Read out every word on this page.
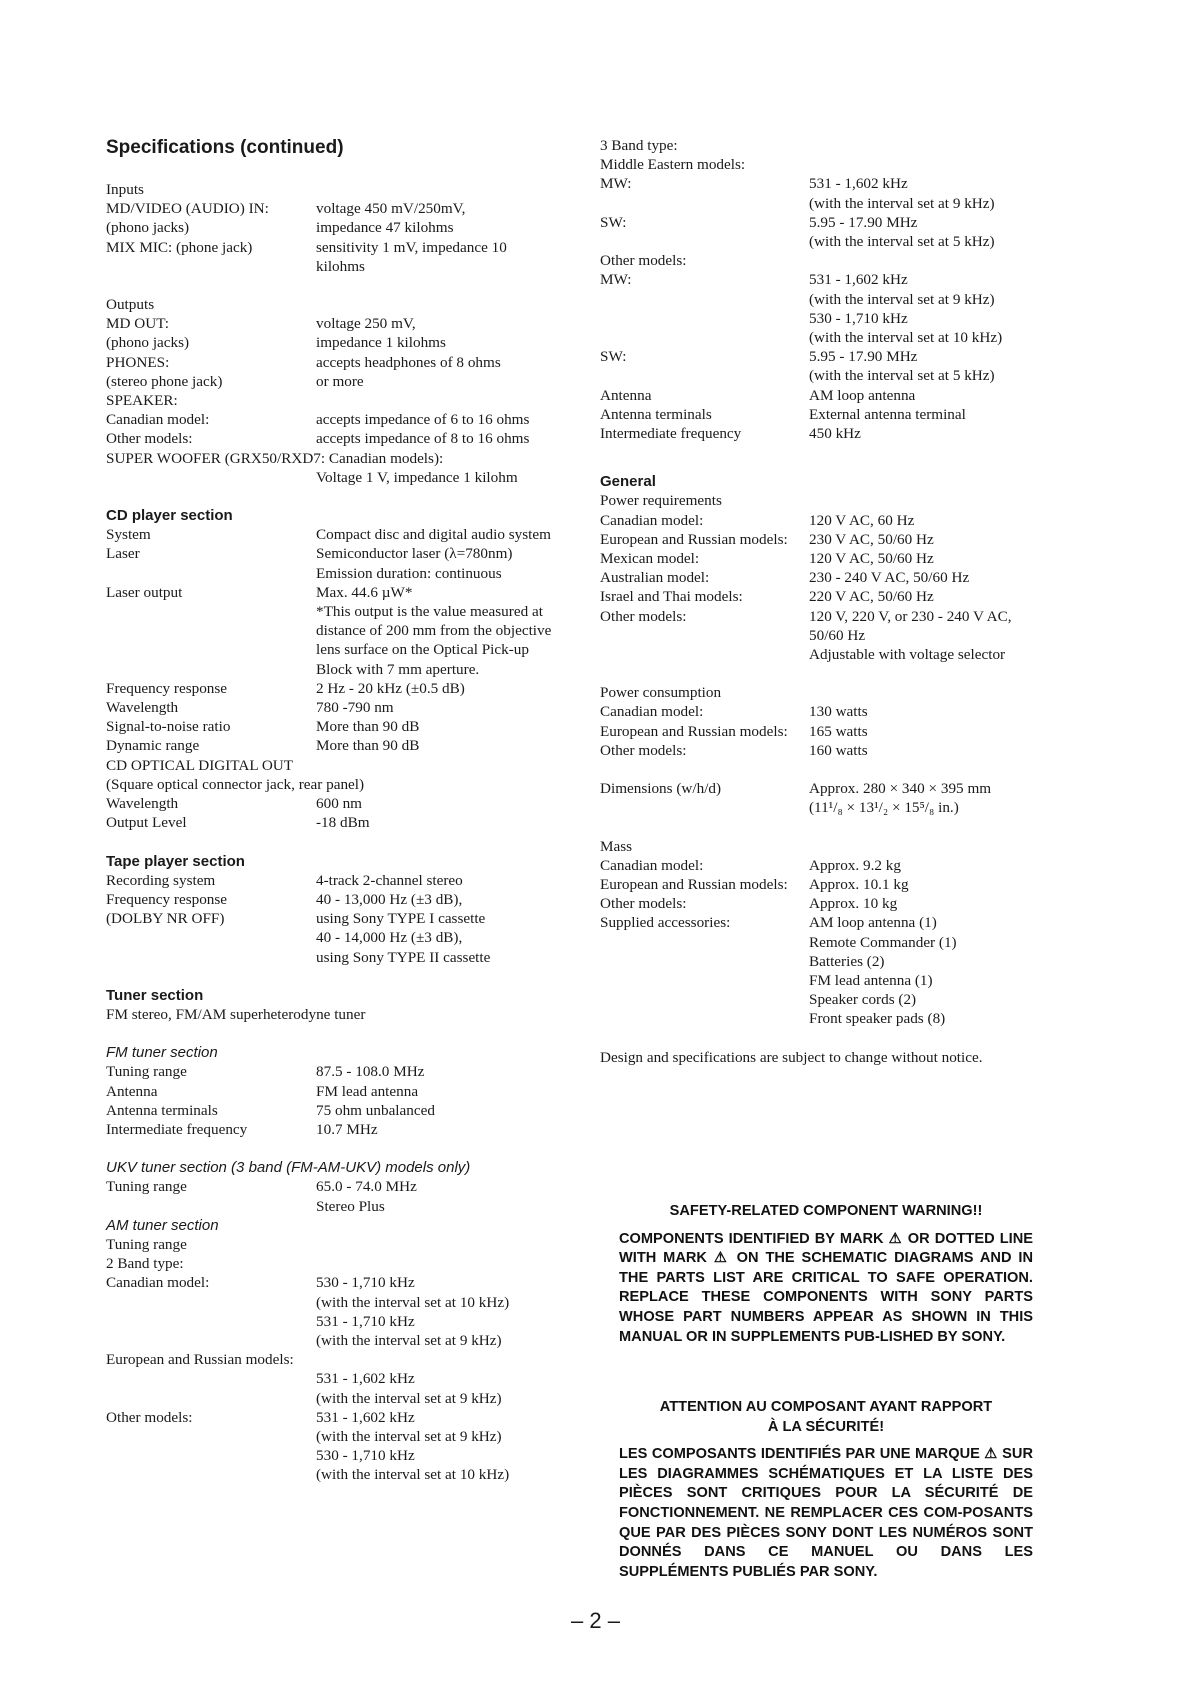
Specifications (continued)
Inputs
MD/VIDEO (AUDIO) IN:	voltage 450 mV/250mV,
(phono jacks)	impedance 47 kilohms
MIX MIC: (phone jack)	sensitivity 1 mV, impedance 10
kilohms
Outputs
MD OUT:	voltage 250 mV,
(phono jacks)	impedance 1 kilohms
PHONES:	accepts headphones of 8 ohms
(stereo phone jack)	or more
SPEAKER:
Canadian model:	accepts impedance of 6 to 16 ohms
Other models:	accepts impedance of 8 to 16 ohms
SUPER WOOFER (GRX50/RXD7: Canadian models):
Voltage 1 V, impedance 1 kilohm
CD player section
System	Compact disc and digital audio system
Laser	Semiconductor laser (λ=780nm)
Emission duration: continuous
Laser output	Max. 44.6 µW*
*This output is the value measured at
distance of 200 mm from the objective
lens surface on the Optical Pick-up
Block with 7 mm aperture.
Frequency response	2 Hz - 20 kHz (±0.5 dB)
Wavelength	780 -790 nm
Signal-to-noise ratio	More than 90 dB
Dynamic range	More than 90 dB
CD OPTICAL DIGITAL OUT
(Square optical connector jack, rear panel)
Wavelength	600 nm
Output Level	-18 dBm
Tape player section
Recording system	4-track 2-channel stereo
Frequency response	40 - 13,000 Hz (±3 dB),
(DOLBY NR OFF)	using Sony TYPE I cassette
40 - 14,000 Hz (±3 dB),
using Sony TYPE II cassette
Tuner section
FM stereo, FM/AM superheterodyne tuner
FM tuner section
Tuning range	87.5 - 108.0 MHz
Antenna	FM lead antenna
Antenna terminals	75 ohm unbalanced
Intermediate frequency	10.7 MHz
UKV tuner section (3 band (FM-AM-UKV) models only)
Tuning range	65.0 - 74.0 MHz
Stereo Plus
AM tuner section
Tuning range
2 Band type:
Canadian model:	530 - 1,710 kHz
(with the interval set at 10 kHz)
531 - 1,710 kHz
(with the interval set at 9 kHz)
European and Russian models:
531 - 1,602 kHz
(with the interval set at 9 kHz)
Other models:	531 - 1,602 kHz
(with the interval set at 9 kHz)
530 - 1,710 kHz
(with the interval set at 10 kHz)
3 Band type:
Middle Eastern models:
MW:	531 - 1,602 kHz
(with the interval set at 9 kHz)
SW:	5.95 - 17.90 MHz
(with the interval set at 5 kHz)
Other models:
MW:	531 - 1,602 kHz
(with the interval set at 9 kHz)
530 - 1,710 kHz
(with the interval set at 10 kHz)
SW:	5.95 - 17.90 MHz
(with the interval set at 5 kHz)
Antenna	AM loop antenna
Antenna terminals	External antenna terminal
Intermediate frequency	450 kHz
General
Power requirements
Canadian model:	120 V AC, 60 Hz
European and Russian models:	230 V AC, 50/60 Hz
Mexican model:	120 V AC, 50/60 Hz
Australian model:	230 - 240 V AC, 50/60 Hz
Israel and Thai models:	220 V AC, 50/60 Hz
Other models:	120 V, 220 V, or 230 - 240 V AC,
50/60 Hz
Adjustable with voltage selector
Power consumption
Canadian model:	130 watts
European and Russian models:	165 watts
Other models:	160 watts
Dimensions (w/h/d)	Approx. 280 × 340 × 395 mm
(11¹/₈ × 13¹/₂ × 15⁵/₈ in.)
Mass
Canadian model:	Approx. 9.2 kg
European and Russian models:	Approx. 10.1 kg
Other models:	Approx. 10 kg
Supplied accessories:	AM loop antenna (1)
Remote Commander (1)
Batteries (2)
FM lead antenna (1)
Speaker cords (2)
Front speaker pads (8)
Design and specifications are subject to change without notice.
SAFETY-RELATED COMPONENT WARNING!!
COMPONENTS IDENTIFIED BY MARK ⚠ OR DOTTED LINE WITH MARK ⚠ ON THE SCHEMATIC DIAGRAMS AND IN THE PARTS LIST ARE CRITICAL TO SAFE OPERATION. REPLACE THESE COMPONENTS WITH SONY PARTS WHOSE PART NUMBERS APPEAR AS SHOWN IN THIS MANUAL OR IN SUPPLEMENTS PUB-LISHED BY SONY.
ATTENTION AU COMPOSANT AYANT RAPPORT
À LA SÉCURITÉ!
LES COMPOSANTS IDENTIFIÉS PAR UNE MARQUE ⚠ SUR LES DIAGRAMMES SCHÉMATIQUES ET LA LISTE DES PIÈCES SONT CRITIQUES POUR LA SÉCURITÉ DE FONCTIONNEMENT. NE REMPLACER CES COM-POSANTS QUE PAR DES PIÈCES SONY DONT LES NUMÉROS SONT DONNÉS DANS CE MANUEL OU DANS LES SUPPLÉMENTS PUBLIÉS PAR SONY.
– 2 –
